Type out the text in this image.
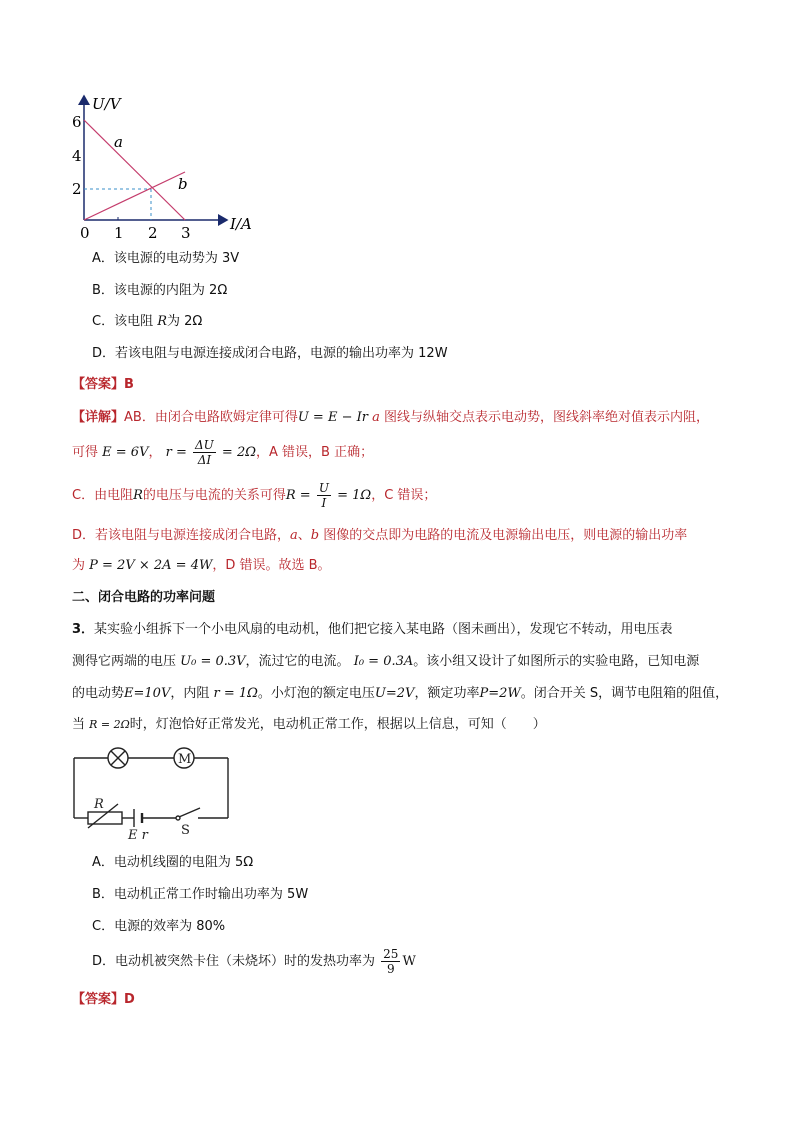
U/V
I/A
6
4
2
0 1 2 3
a
b
A．该电源的电动势为 3V
B．该电源的内阻为 2Ω
C．该电阻 R为 2Ω
D．若该电阻与电源连接成闭合电路，电源的输出功率为 12W
【答案】B
【详解】AB．由闭合电路欧姆定律可得U = E − Ir a 图线与纵轴交点表示电动势，图线斜率绝对值表示内阻，
可得 E = 6V， $r = \frac{\Delta U}{\Delta I} = 2\Omega$，A 错误，B 正确；
C．由电阻R的电压与电流的关系可得$R = \frac{U}{I} = 1\Omega$，C 错误；
D．若该电阻与电源连接成闭合电路，a、b 图像的交点即为电路的电流及电源输出电压，则电源的输出功率
为 P = 2V × 2A = 4W，D 错误。故选 B。
二、闭合电路的功率问题
3．某实验小组拆下一个小电风扇的电动机，他们把它接入某电路（图未画出），发现它不转动，用电压表
测得它两端的电压 U₀ = 0.3V，流过它的电流。 I₀ = 0.3A。该小组又设计了如图所示的实验电路，已知电源
的电动势E=10V，内阻 r = 1Ω。小灯泡的额定电压U=2V，额定功率P=2W。闭合开关 S，调节电阻箱的阻值，
当 R = 2Ω时，灯泡恰好正常发光，电动机正常工作，根据以上信息，可知（　　）
M
R
E r	S
A．电动机线圈的电阻为 5Ω
B．电动机正常工作时输出功率为 5W
C．电源的效率为 80%
D．电动机被突然卡住（未烧坏）时的发热功率为 $\frac{25}{9}$ W
【答案】D
